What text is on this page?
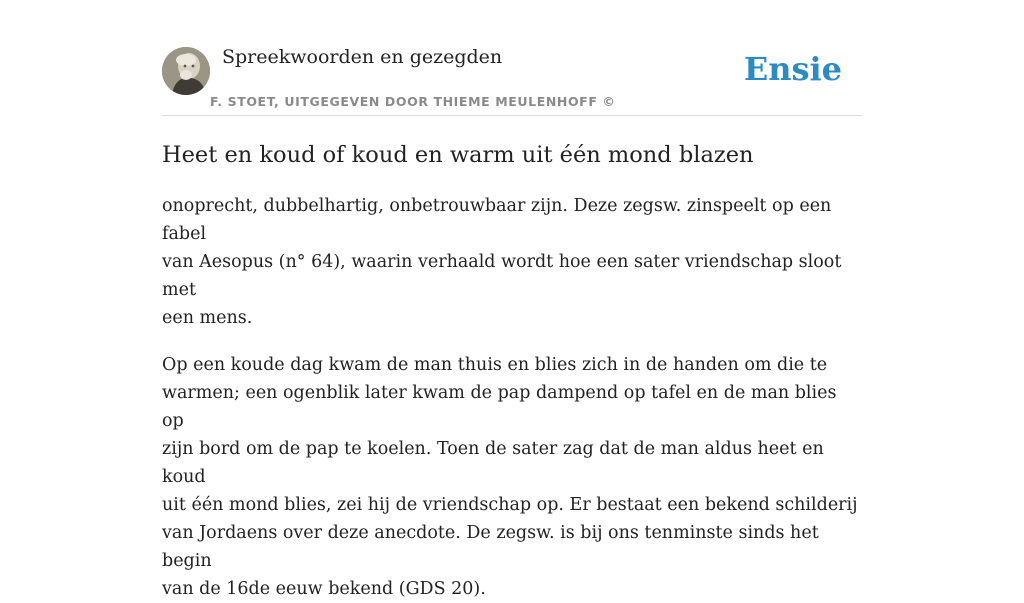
Spreekwoorden en gezegden
F. STOET, UITGEGEVEN DOOR THIEME MEULENHOFF ©
Ensie
Heet en koud of koud en warm uit één mond blazen

onoprecht, dubbelhartig, onbetrouwbaar zijn. Deze zegsw. zinspeelt op een fabel
van Aesopus (n° 64), waarin verhaald wordt hoe een sater vriendschap sloot met
een mens.

Op een koude dag kwam de man thuis en blies zich in de handen om die te
warmen; een ogenblik later kwam de pap dampend op tafel en de man blies op
zijn bord om de pap te koelen. Toen de sater zag dat de man aldus heet en koud
uit één mond blies, zei hij de vriendschap op. Er bestaat een bekend schilderij
van Jordaens over deze anecdote. De zegsw. is bij ons tenminste sinds het begin
van de 16de eeuw bekend (GDS 20).
